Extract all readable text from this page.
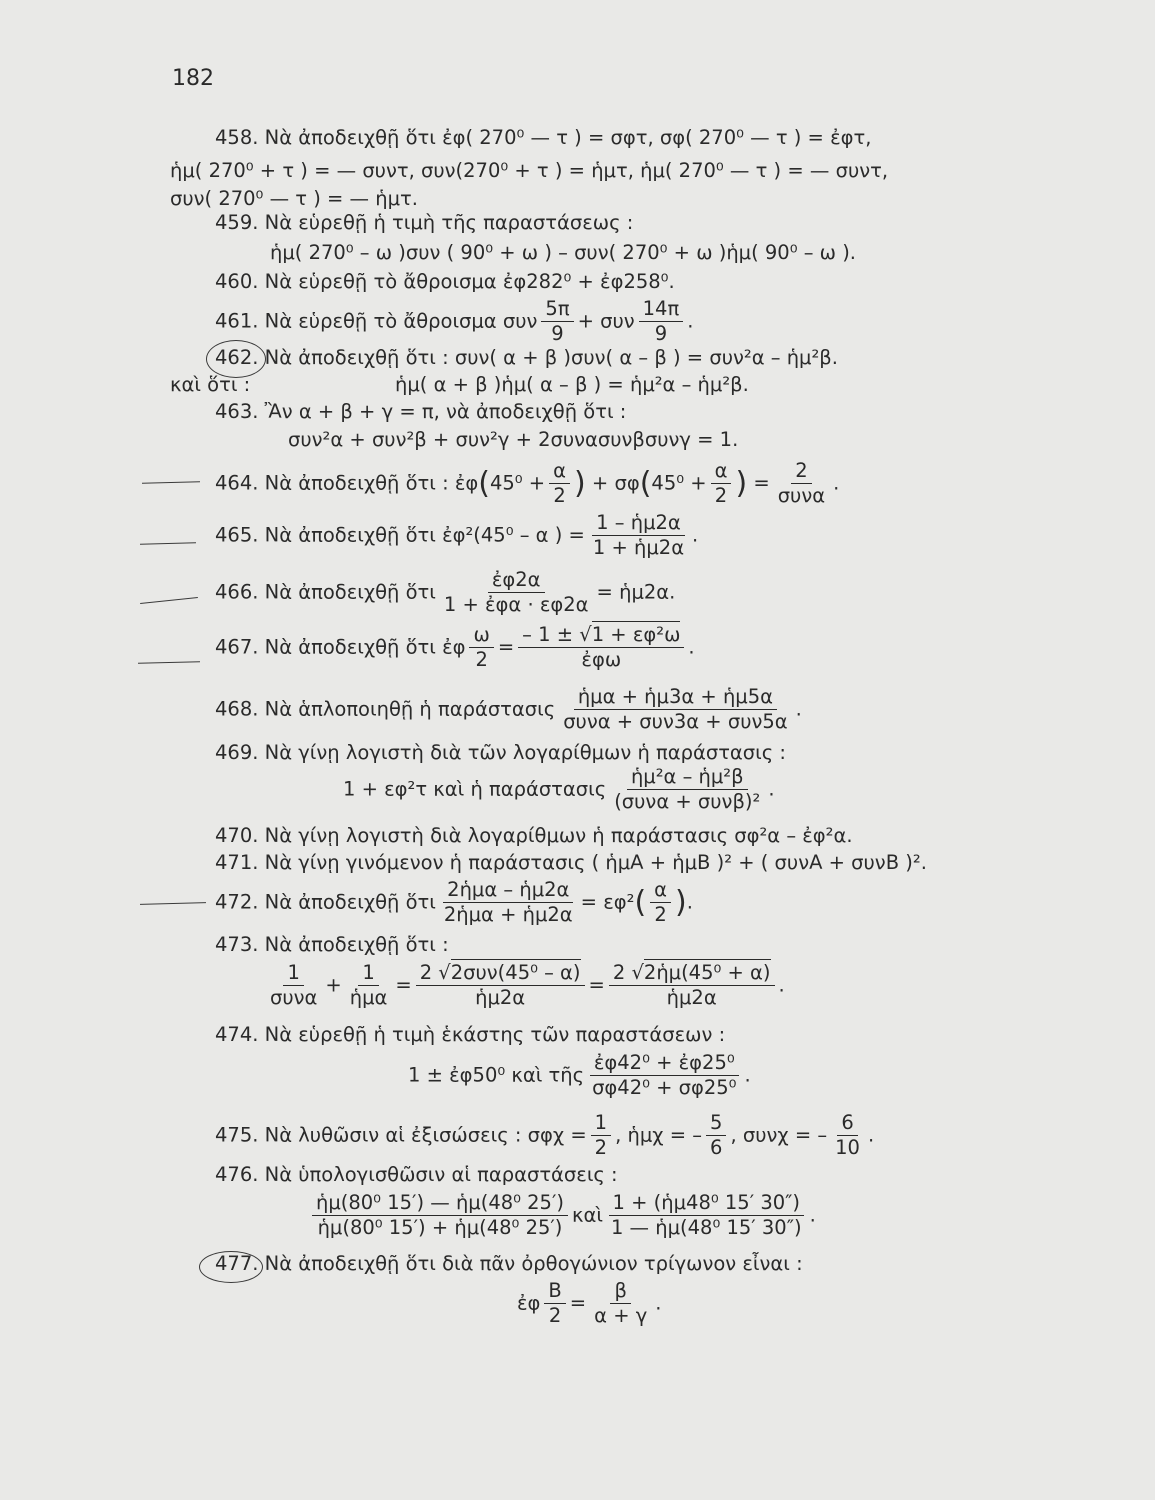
182
458. Νὰ ἀποδειχθῇ ὅτι ἐφ( 270⁰ — τ ) = σφτ, σφ( 270⁰ — τ ) = ἐφτ,
ἡμ( 270⁰ + τ ) = — συντ, συν(270⁰ + τ ) = ἡμτ, ἡμ( 270⁰ — τ ) = — συντ,
συν( 270⁰ — τ ) = — ἡμτ.
459. Νὰ εὑρεθῇ ἡ τιμὴ τῆς παραστάσεως :
ἡμ( 270⁰ – ω )συν ( 90⁰ + ω ) – συν( 270⁰ + ω )ἡμ( 90⁰ – ω ).
460. Νὰ εὑρεθῇ τὸ ἄθροισμα ἐφ282⁰ + ἐφ258⁰.
461. Νὰ εὑρεθῇ τὸ ἄθροισμα συν $\frac{5\pi}{9} + \sigma\upsilon\nu \frac{14\pi}{9}$ .
462. Νὰ ἀποδειχθῇ ὅτι : συν( α + β )συν( α – β ) = συν²α – ἡμ²β.
καὶ ὅτι :	ἡμ( α + β )ἡμ( α – β ) = ἡμ²α – ἡμ²β.
463. Ἂν α + β + γ = π, νὰ ἀποδειχθῇ ὅτι :
συν²α + συν²β + συν²γ + 2συνασυνβσυνγ = 1.
464. Νὰ ἀποδειχθῇ ὅτι : ἐφ(45⁰ + $\frac{\alpha}{2}$ ) + $\sigma\varphi(45^0 + \frac{\alpha}{2}$ ) = $\frac{2}{\text{συνα}}$ .
465. Νὰ ἀποδειχθῇ ὅτι ἐφ²(45⁰ – α ) = $\frac{\text{1 – ἡμ2α}}{\text{1 + ἡμ2α}}$ .
466. Νὰ ἀποδειχθῇ ὅτι $\frac{\text{ἐφ2α}}{\text{1 + ἐφα · εφ2α}}$ = ἡμ2α.
467. Νὰ ἀποδειχθῇ ὅτι ἐφ $\frac{\omega}{2} = \frac{\text{– 1 ± √1 + εφ²ω}}{\text{ἐφω}}$ .
468. Νὰ ἁπλοποιηθῇ ἡ παράστασις $\frac{\text{ἡμα + ἡμ3α + ἡμ5α}}{\text{συνα + συν3α + συν5α}}$ .
469. Νὰ γίνῃ λογιστὴ διὰ τῶν λογαρίθμων ἡ παράστασις :
1 + εφ²τ καὶ ἡ παράστασις $\frac{\text{ἡμ²α – ἡμ²β}}{\text{(συνα + συνβ)²}}$ .
470. Νὰ γίνῃ λογιστὴ διὰ λογαρίθμων ἡ παράστασις σφ²α – ἐφ²α.
471. Νὰ γίνῃ γινόμενον ἡ παράστασις ( ἡμΑ + ἡμΒ )² + ( συνΑ + συνΒ )².
472. Νὰ ἀποδειχθῇ ὅτι $\frac{\text{2ἡμα – ἡμ2α}}{\text{2ἡμα + ἡμ2α}} = \varepsilon\varphi^2( \frac{\alpha}{2}$ ).
473. Νὰ ἀποδειχθῇ ὅτι :
$\frac{1}{\text{συνα}} + \frac{1}{\text{ἡμα}} = \frac{\text{2 √2συν(45⁰ – α)}}{\text{ἡμ2α}} = \frac{\text{2 √2ἡμ(45⁰ + α)}}{\text{ἡμ2α}}$ .
474. Νὰ εὑρεθῇ ἡ τιμὴ ἑκάστης τῶν παραστάσεων :
1 ± ἐφ50⁰ καὶ τῆς $\frac{\text{ἐφ42⁰ + ἐφ25⁰}}{\text{σφ42⁰ + σφ25⁰}}$ .
475. Νὰ λυθῶσιν αἱ ἐξισώσεις : $\sigma\varphi\chi = \frac{1}{2}$ , ἡμχ = – $\frac{5}{6}$ , συνχ = – $\frac{6}{10}$ .
476. Νὰ ὑπολογισθῶσιν αἱ παραστάσεις :
$\frac{\text{ἡμ(80⁰ 15′) — ἡμ(48⁰ 25′)}}{\text{ἡμ(80⁰ 15′) + ἡμ(48⁰ 25′)}}$ καὶ $\frac{\text{1 + (ἡμ48⁰ 15′ 30″)}}{\text{1 — ἡμ(48⁰ 15′ 30″)}}$ .
477. Νὰ ἀποδειχθῇ ὅτι διὰ πᾶν ὀρθογώνιον τρίγωνον εἶναι :
ἐφ $\frac{B}{2} = \frac{\beta}{\alpha + \gamma}$ .
